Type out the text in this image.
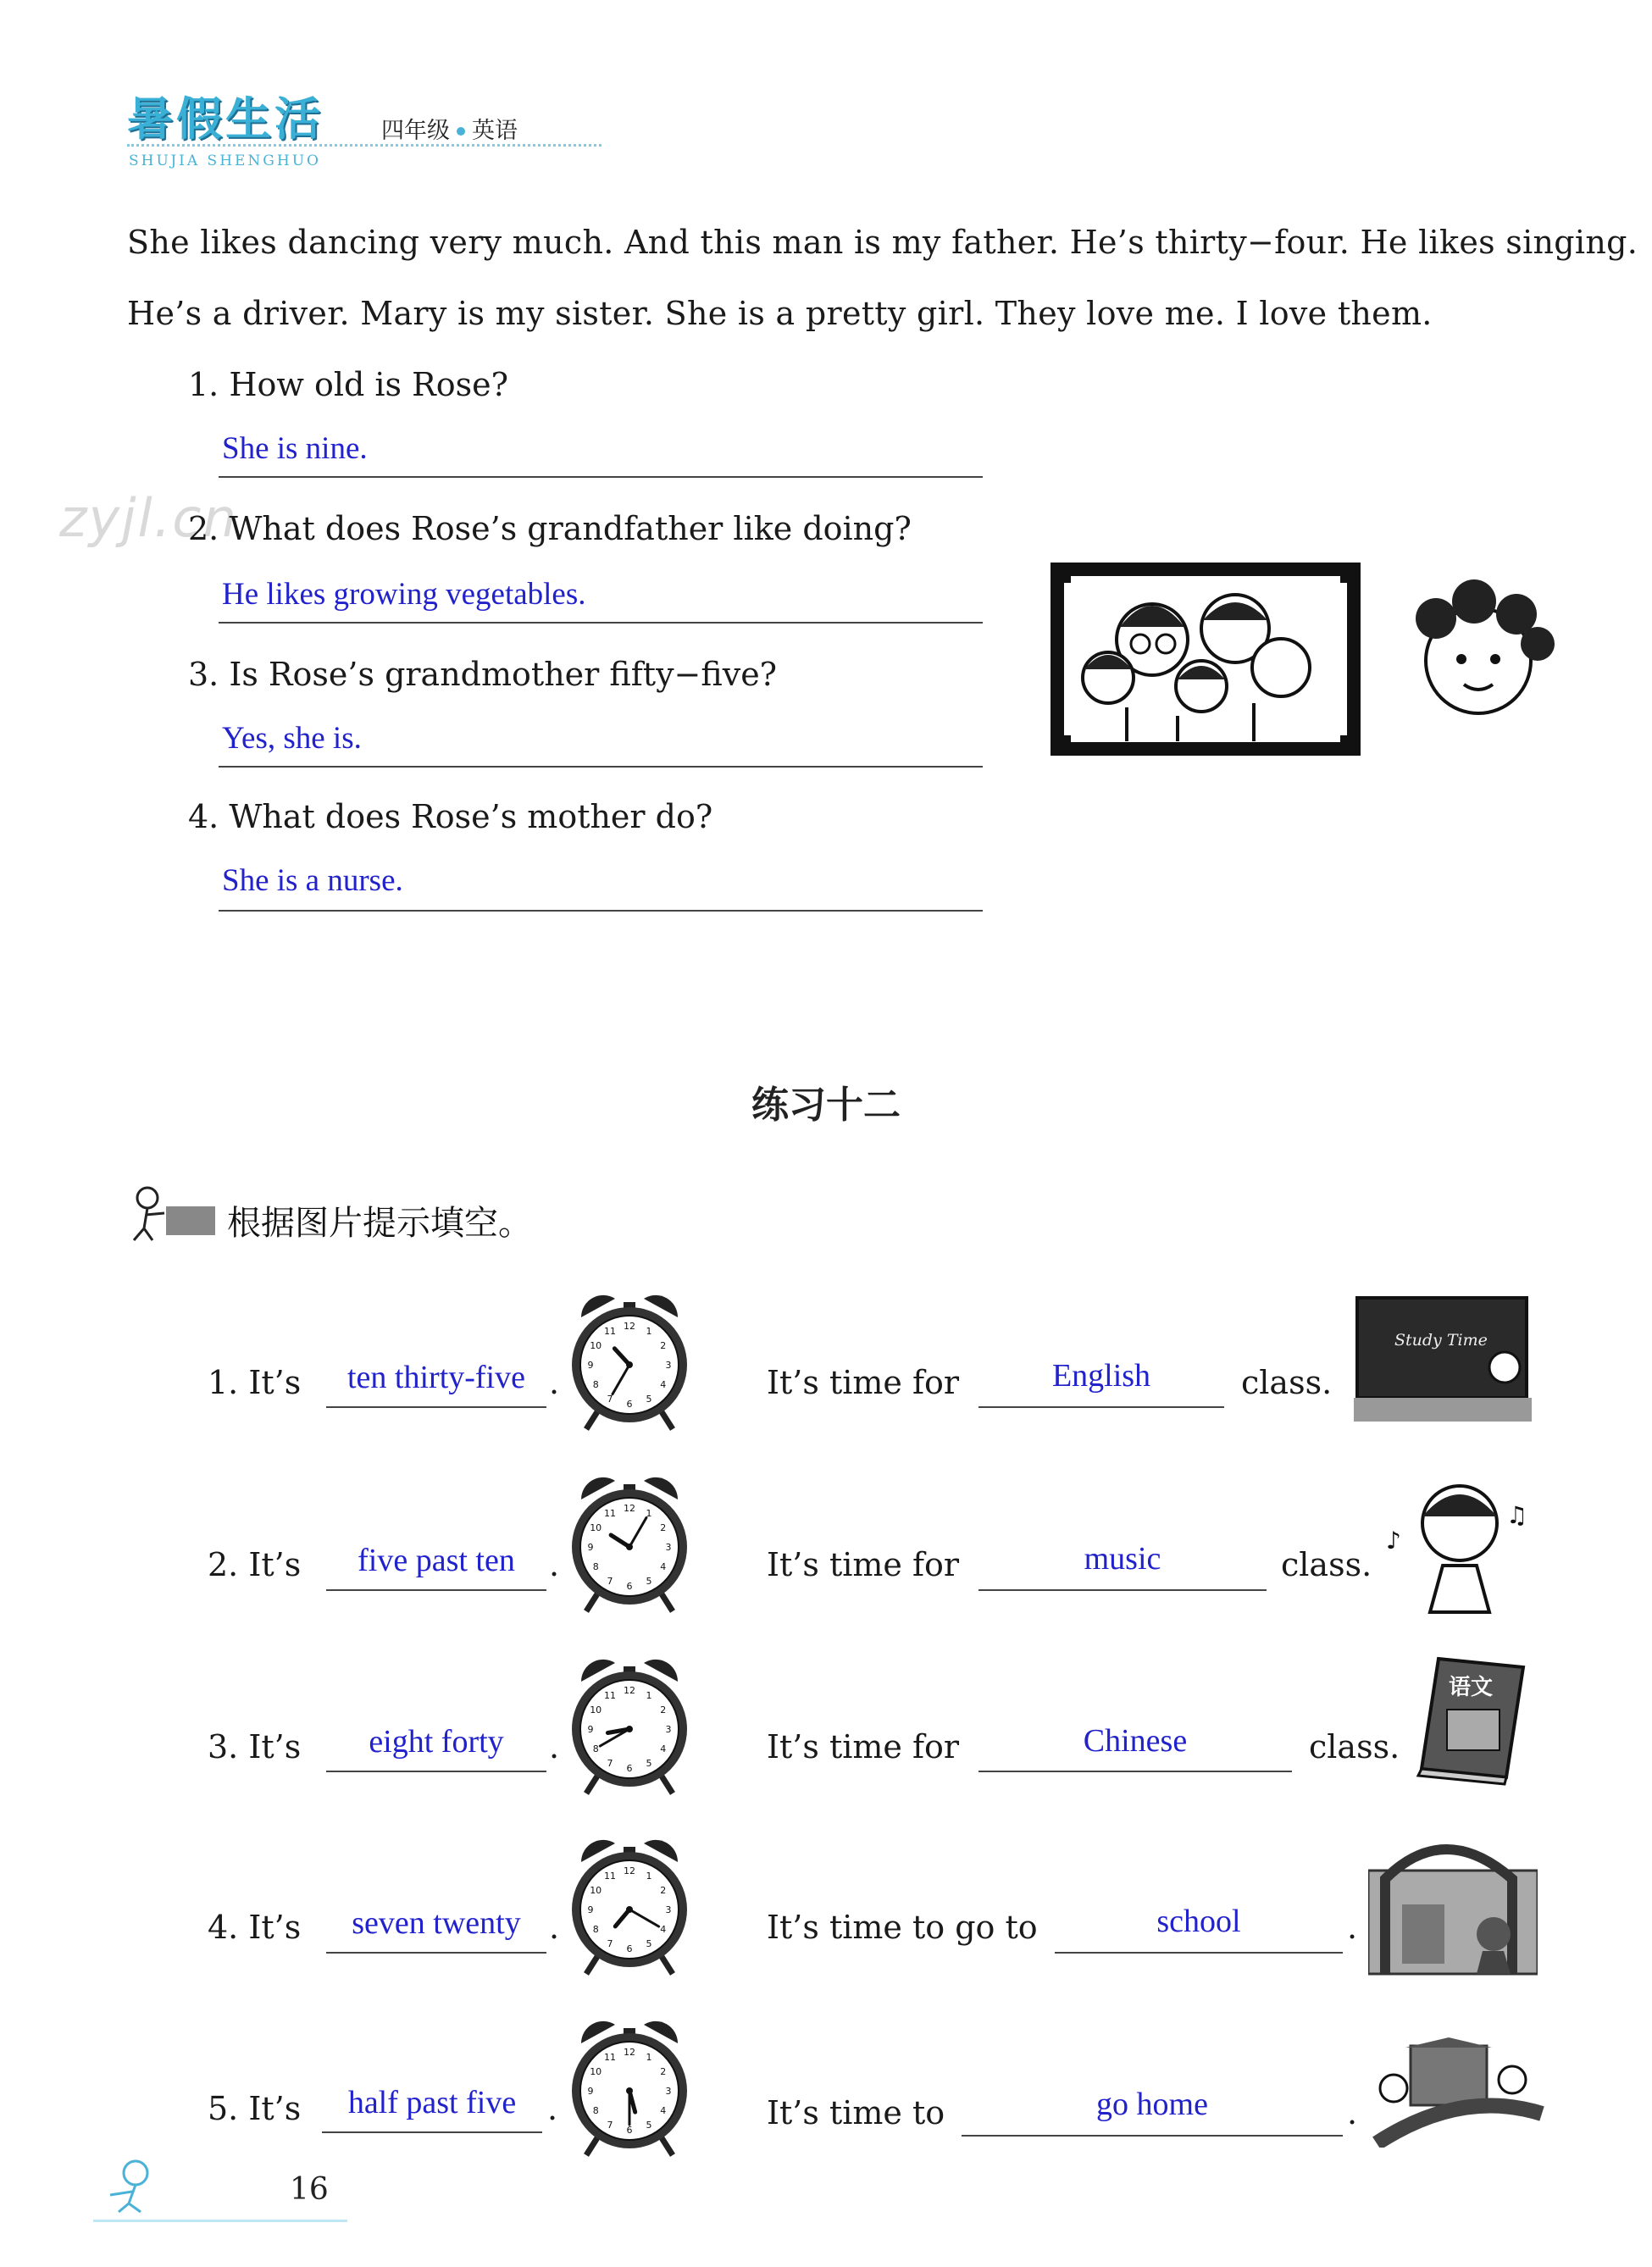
暑假生活
SHUJIA SHENGHUO
四年级 英语
She likes dancing very much. And this man is my father. He’s thirty−four. He likes singing.
He’s a driver. Mary is my sister. She is a pretty girl. They love me. I love them.
zyjl.cn
1. How old is Rose?
She is nine.
2. What does Rose’s grandfather like doing?
He likes growing vegetables.
3. Is Rose’s grandmother fifty−five?
Yes, she is.
4. What does Rose’s mother do?
She is a nurse.
练习十二
根据图片提示填空。
1. It’s	ten thirty-five .
1
2
3
4
5
6
7
8
9
10
11 12
It’s time for	English	class.
Study Time
2. It’s	five past ten	.
1
2
3
4
5
6
7
8
9
10
11 12
It’s time for	music	class.
♪
♫
3. It’s	eight forty	.
1
2
3
4
5
6
7
8
9
10
11 12
It’s time for	Chinese	class.
语文
4. It’s	seven twenty .
1
2
3
4
5
6
7
8
9
10
11 12
It’s time to go to	school	.
5. It’s	half past five .
1
2
3
4
5
6
7
8
9
10
11 12
It’s time to	go home	.
16
